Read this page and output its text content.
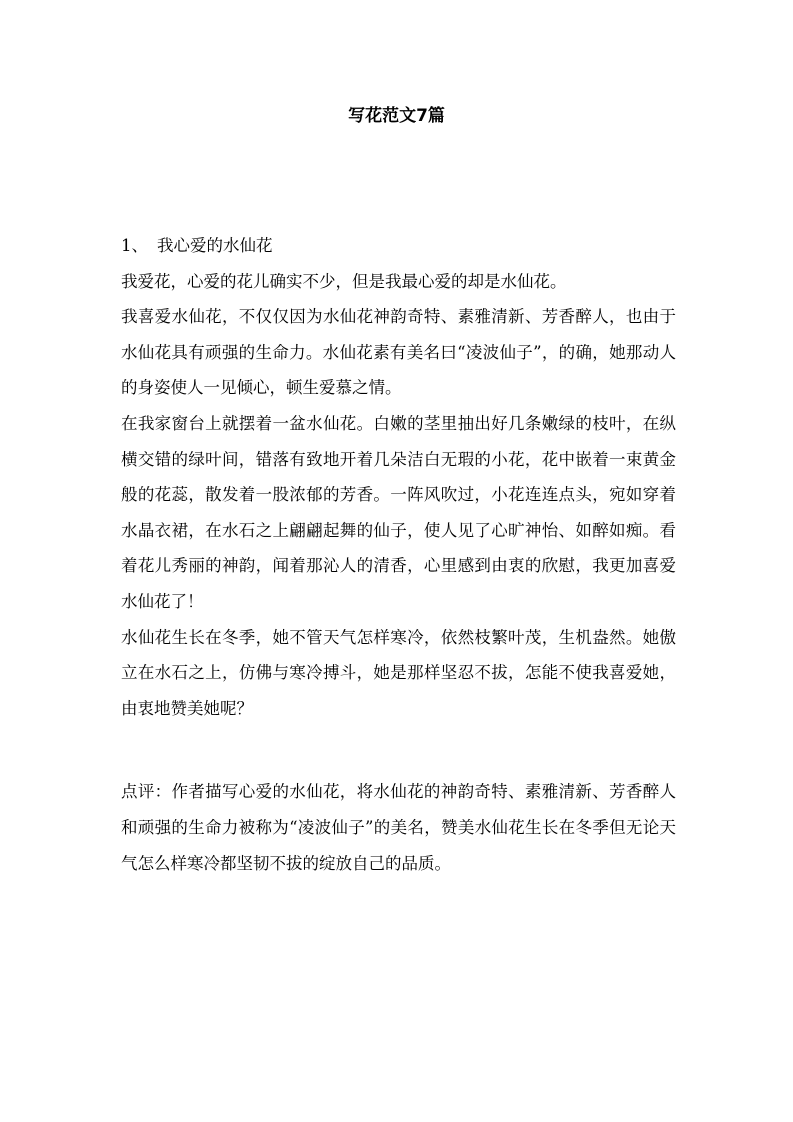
写花范文7篇

1、 我心爱的水仙花

我爱花，心爱的花儿确实不少，但是我最心爱的却是水仙花。

我喜爱水仙花，不仅仅因为水仙花神韵奇特、素雅清新、芳香醉人，也由于水仙花具有顽强的生命力。水仙花素有美名曰“凌波仙子”，的确，她那动人的身姿使人一见倾心，顿生爱慕之情。

在我家窗台上就摆着一盆水仙花。白嫩的茎里抽出好几条嫩绿的枝叶，在纵横交错的绿叶间，错落有致地开着几朵洁白无瑕的小花，花中嵌着一束黄金般的花蕊，散发着一股浓郁的芳香。一阵风吹过，小花连连点头，宛如穿着水晶衣裙，在水石之上翩翩起舞的仙子，使人见了心旷神怡、如醉如痴。看着花儿秀丽的神韵，闻着那沁人的清香，心里感到由衷的欣慰，我更加喜爱水仙花了！

水仙花生长在冬季，她不管天气怎样寒冷，依然枝繁叶茂，生机盎然。她傲立在水石之上，仿佛与寒冷搏斗，她是那样坚忍不拔，怎能不使我喜爱她，由衷地赞美她呢？

点评：作者描写心爱的水仙花，将水仙花的神韵奇特、素雅清新、芳香醉人和顽强的生命力被称为“凌波仙子”的美名，赞美水仙花生长在冬季但无论天气怎么样寒冷都坚韧不拔的绽放自己的品质。
